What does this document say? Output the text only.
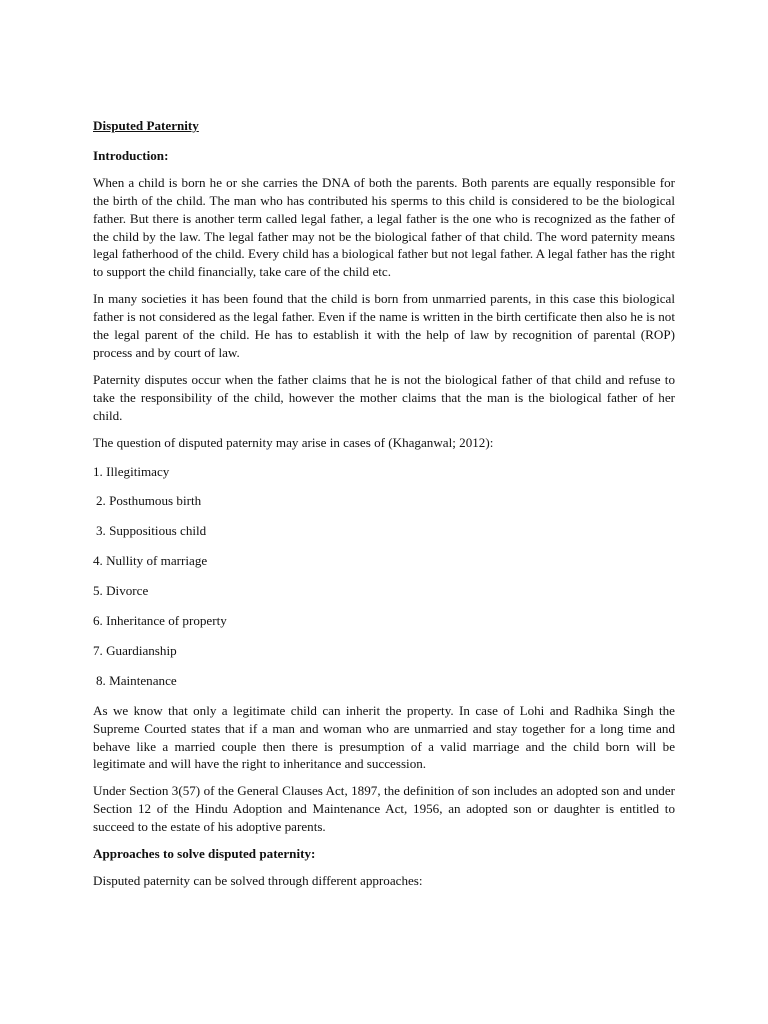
Disputed Paternity
Introduction:

When a child is born he or she carries the DNA of both the parents. Both parents are equally responsible for the birth of the child. The man who has contributed his sperms to this child is considered to be the biological father. But there is another term called legal father, a legal father is the one who is recognized as the father of the child by the law. The legal father may not be the biological father of that child. The word paternity means legal fatherhood of the child. Every child has a biological father but not legal father. A legal father has the right to support the child financially, take care of the child etc.

In many societies it has been found that the child is born from unmarried parents, in this case this biological father is not considered as the legal father. Even if the name is written in the birth certificate then also he is not the legal parent of the child. He has to establish it with the help of law by recognition of parental (ROP) process and by court of law.

Paternity disputes occur when the father claims that he is not the biological father of that child and refuse to take the responsibility of the child, however the mother claims that the man is the biological father of her child.

The question of disputed paternity may arise in cases of (Khaganwal; 2012):

1. Illegitimacy
2. Posthumous birth
3. Suppositious child
4. Nullity of marriage
5. Divorce
6. Inheritance of property
7. Guardianship
8. Maintenance

As we know that only a legitimate child can inherit the property. In case of Lohi and Radhika Singh the Supreme Courted states that if a man and woman who are unmarried and stay together for a long time and behave like a married couple then there is presumption of a valid marriage and the child born will be legitimate and will have the right to inheritance and succession.

Under Section 3(57) of the General Clauses Act, 1897, the definition of son includes an adopted son and under Section 12 of the Hindu Adoption and Maintenance Act, 1956, an adopted son or daughter is entitled to succeed to the estate of his adoptive parents.

Approaches to solve disputed paternity:

Disputed paternity can be solved through different approaches:
